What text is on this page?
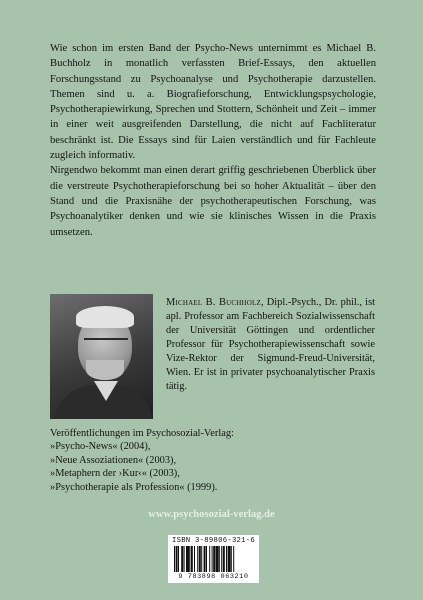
Wie schon im ersten Band der Psycho-News unternimmt es Michael B. Buchholz in monatlich verfassten Brief-Essays, den aktuellen Forschungsstand zu Psychoanalyse und Psychotherapie darzustellen. Themen sind u. a. Biografieforschung, Entwicklungspsychologie, Psychotherapiewirkung, Sprechen und Stottern, Schönheit und Zeit – immer in einer weit ausgreifenden Darstellung, die nicht auf Fachliteratur beschränkt ist. Die Essays sind für Laien verständlich und für Fachleute zugleich informativ.

Nirgendwo bekommt man einen derart griffig geschriebenen Überblick über die verstreute Psychotherapieforschung bei so hoher Aktualität – über den Stand und die Praxisnähe der psychotherapeutischen Forschung, was Psychoanalytiker denken und wie sie klinisches Wissen in die Praxis umsetzen.

Michael B. Buchholz, Dipl.-Psych., Dr. phil., ist apl. Professor am Fachbereich Sozialwissenschaft der Universität Göttingen und ordentlicher Professor für Psychotherapiewissenschaft sowie Vize-Rektor der Sigmund-Freud-Universität, Wien. Er ist in privater psychoanalytischer Praxis tätig.

Veröffentlichungen im Psychosozial-Verlag:
»Psycho-News« (2004),
»Neue Assoziationen« (2003),
»Metaphern der ›Kur‹« (2003),
»Psychotherapie als Profession« (1999).
www.psychosozial-verlag.de
ISBN 3-89806-321-6
9 783898 063210
